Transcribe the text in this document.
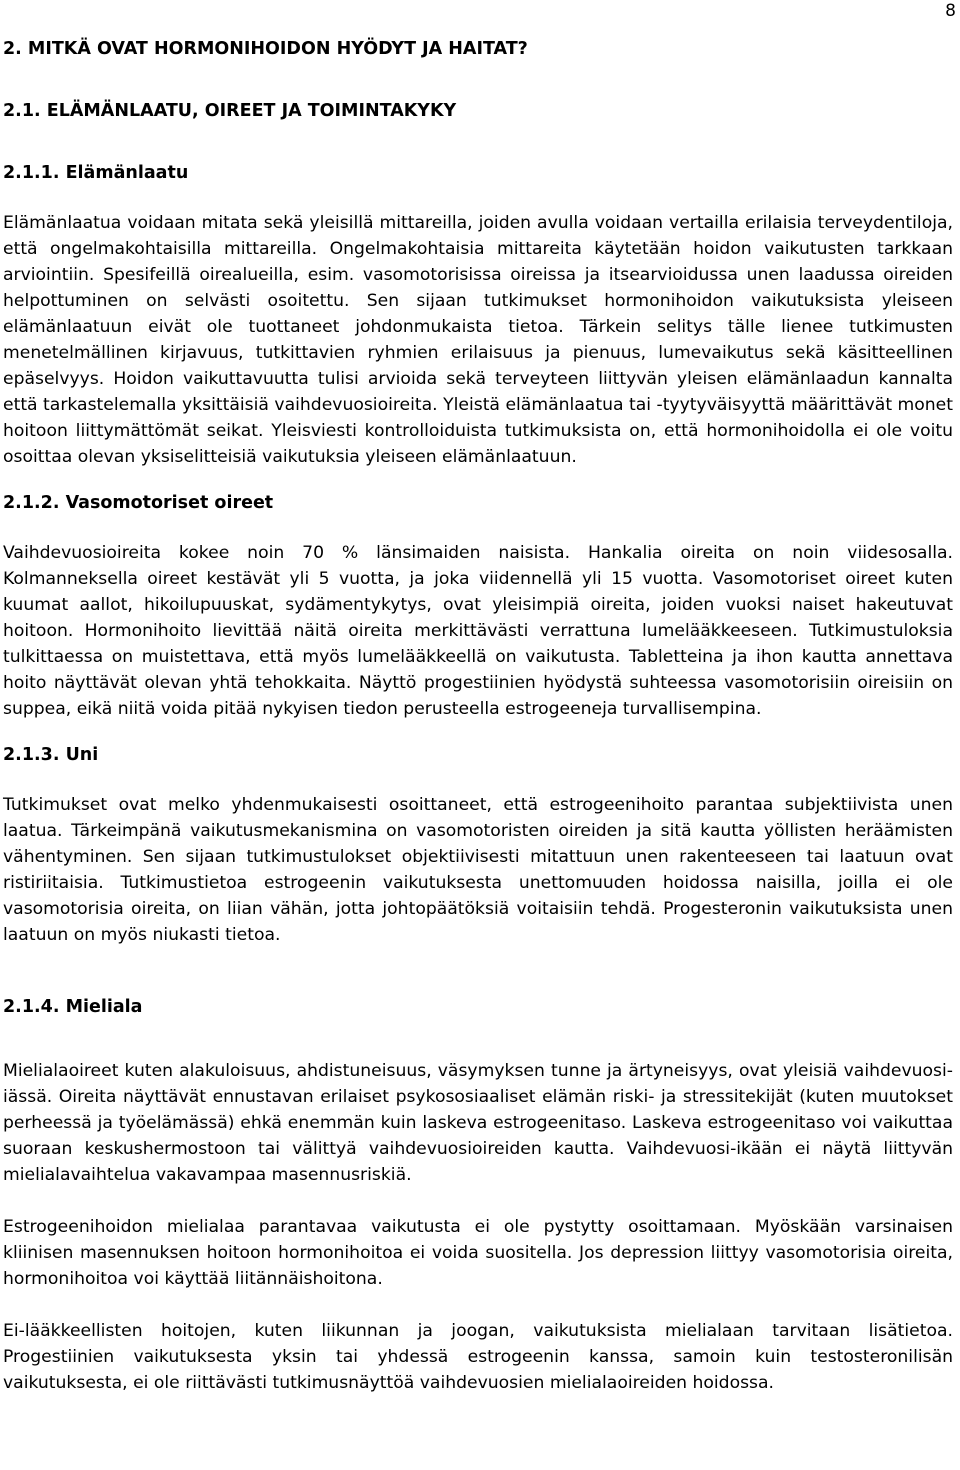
8
2. MITKÄ OVAT HORMONIHOIDON HYÖDYT JA HAITAT?
2.1. ELÄMÄNLAATU, OIREET JA TOIMINTAKYKY
2.1.1. Elämänlaatu

Elämänlaatua voidaan mitata sekä yleisillä mittareilla, joiden avulla voidaan vertailla erilaisia terveydentiloja, että ongelmakohtaisilla mittareilla. Ongelmakohtaisia mittareita käytetään hoidon vaikutusten tarkkaan arviointiin. Spesifeillä oirealueilla, esim. vasomotorisissa oireissa ja itsearvioidussa unen laadussa oireiden helpottuminen on selvästi osoitettu. Sen sijaan tutkimukset hormonihoidon vaikutuksista yleiseen elämänlaatuun eivät ole tuottaneet johdonmukaista tietoa. Tärkein selitys tälle lienee tutkimusten menetelmällinen kirjavuus, tutkittavien ryhmien erilaisuus ja pienuus, lumevaikutus sekä käsitteellinen epäselvyys. Hoidon vaikuttavuutta tulisi arvioida sekä terveyteen liittyvän yleisen elämänlaadun kannalta että tarkastelemalla yksittäisiä vaihdevuosioireita. Yleistä elämänlaatua tai -tyytyväisyyttä määrittävät monet hoitoon liittymättömät seikat. Yleisviesti kontrolloiduista tutkimuksista on, että hormonihoidolla ei ole voitu osoittaa olevan yksiselitteisiä vaikutuksia yleiseen elämänlaatuun.

2.1.2. Vasomotoriset oireet

Vaihdevuosioireita kokee noin 70 % länsimaiden naisista. Hankalia oireita on noin viidesosalla. Kolmanneksella oireet kestävät yli 5 vuotta, ja joka viidennellä yli 15 vuotta. Vasomotoriset oireet kuten kuumat aallot, hikoilupuuskat, sydämentykytys, ovat yleisimpiä oireita, joiden vuoksi naiset hakeutuvat hoitoon. Hormonihoito lievittää näitä oireita merkittävästi verrattuna lumelääkkeeseen. Tutkimustuloksia tulkittaessa on muistettava, että myös lumelääkkeellä on vaikutusta. Tabletteina ja ihon kautta annettava hoito näyttävät olevan yhtä tehokkaita. Näyttö progestiinien hyödystä suhteessa vasomotorisiin oireisiin on suppea, eikä niitä voida pitää nykyisen tiedon perusteella estrogeeneja turvallisempina.

2.1.3. Uni

Tutkimukset ovat melko yhdenmukaisesti osoittaneet, että estrogeenihoito parantaa subjektiivista unen laatua. Tärkeimpänä vaikutusmekanismina on vasomotoristen oireiden ja sitä kautta yöllisten heräämisten vähentyminen. Sen sijaan tutkimustulokset objektiivisesti mitattuun unen rakenteeseen tai laatuun ovat ristiriitaisia. Tutkimustietoa estrogeenin vaikutuksesta unettomuuden hoidossa naisilla, joilla ei ole vasomotorisia oireita, on liian vähän, jotta johtopäätöksiä voitaisiin tehdä. Progesteronin vaikutuksista unen laatuun on myös niukasti tietoa.

2.1.4. Mieliala

Mielialaoireet kuten alakuloisuus, ahdistuneisuus, väsymyksen tunne ja ärtyneisyys, ovat yleisiä vaihdevuosi-iässä. Oireita näyttävät ennustavan erilaiset psykososiaaliset elämän riski- ja stressitekijät (kuten muutokset perheessä ja työelämässä) ehkä enemmän kuin laskeva estrogeenitaso. Laskeva estrogeenitaso voi vaikuttaa suoraan keskushermostoon tai välittyä vaihdevuosioireiden kautta. Vaihdevuosi-ikään ei näytä liittyvän mielialavaihtelua vakavampaa masennusriskiä.

Estrogeenihoidon mielialaa parantavaa vaikutusta ei ole pystytty osoittamaan. Myöskään varsinaisen kliinisen masennuksen hoitoon hormonihoitoa ei voida suositella. Jos depression liittyy vasomotorisia oireita, hormonihoitoa voi käyttää liitännäishoitona.

Ei-lääkkeellisten hoitojen, kuten liikunnan ja joogan, vaikutuksista mielialaan tarvitaan lisätietoa. Progestiinien vaikutuksesta yksin tai yhdessä estrogeenin kanssa, samoin kuin testosteronilisän vaikutuksesta, ei ole riittävästi tutkimusnäyttöä vaihdevuosien mielialaoireiden hoidossa.
